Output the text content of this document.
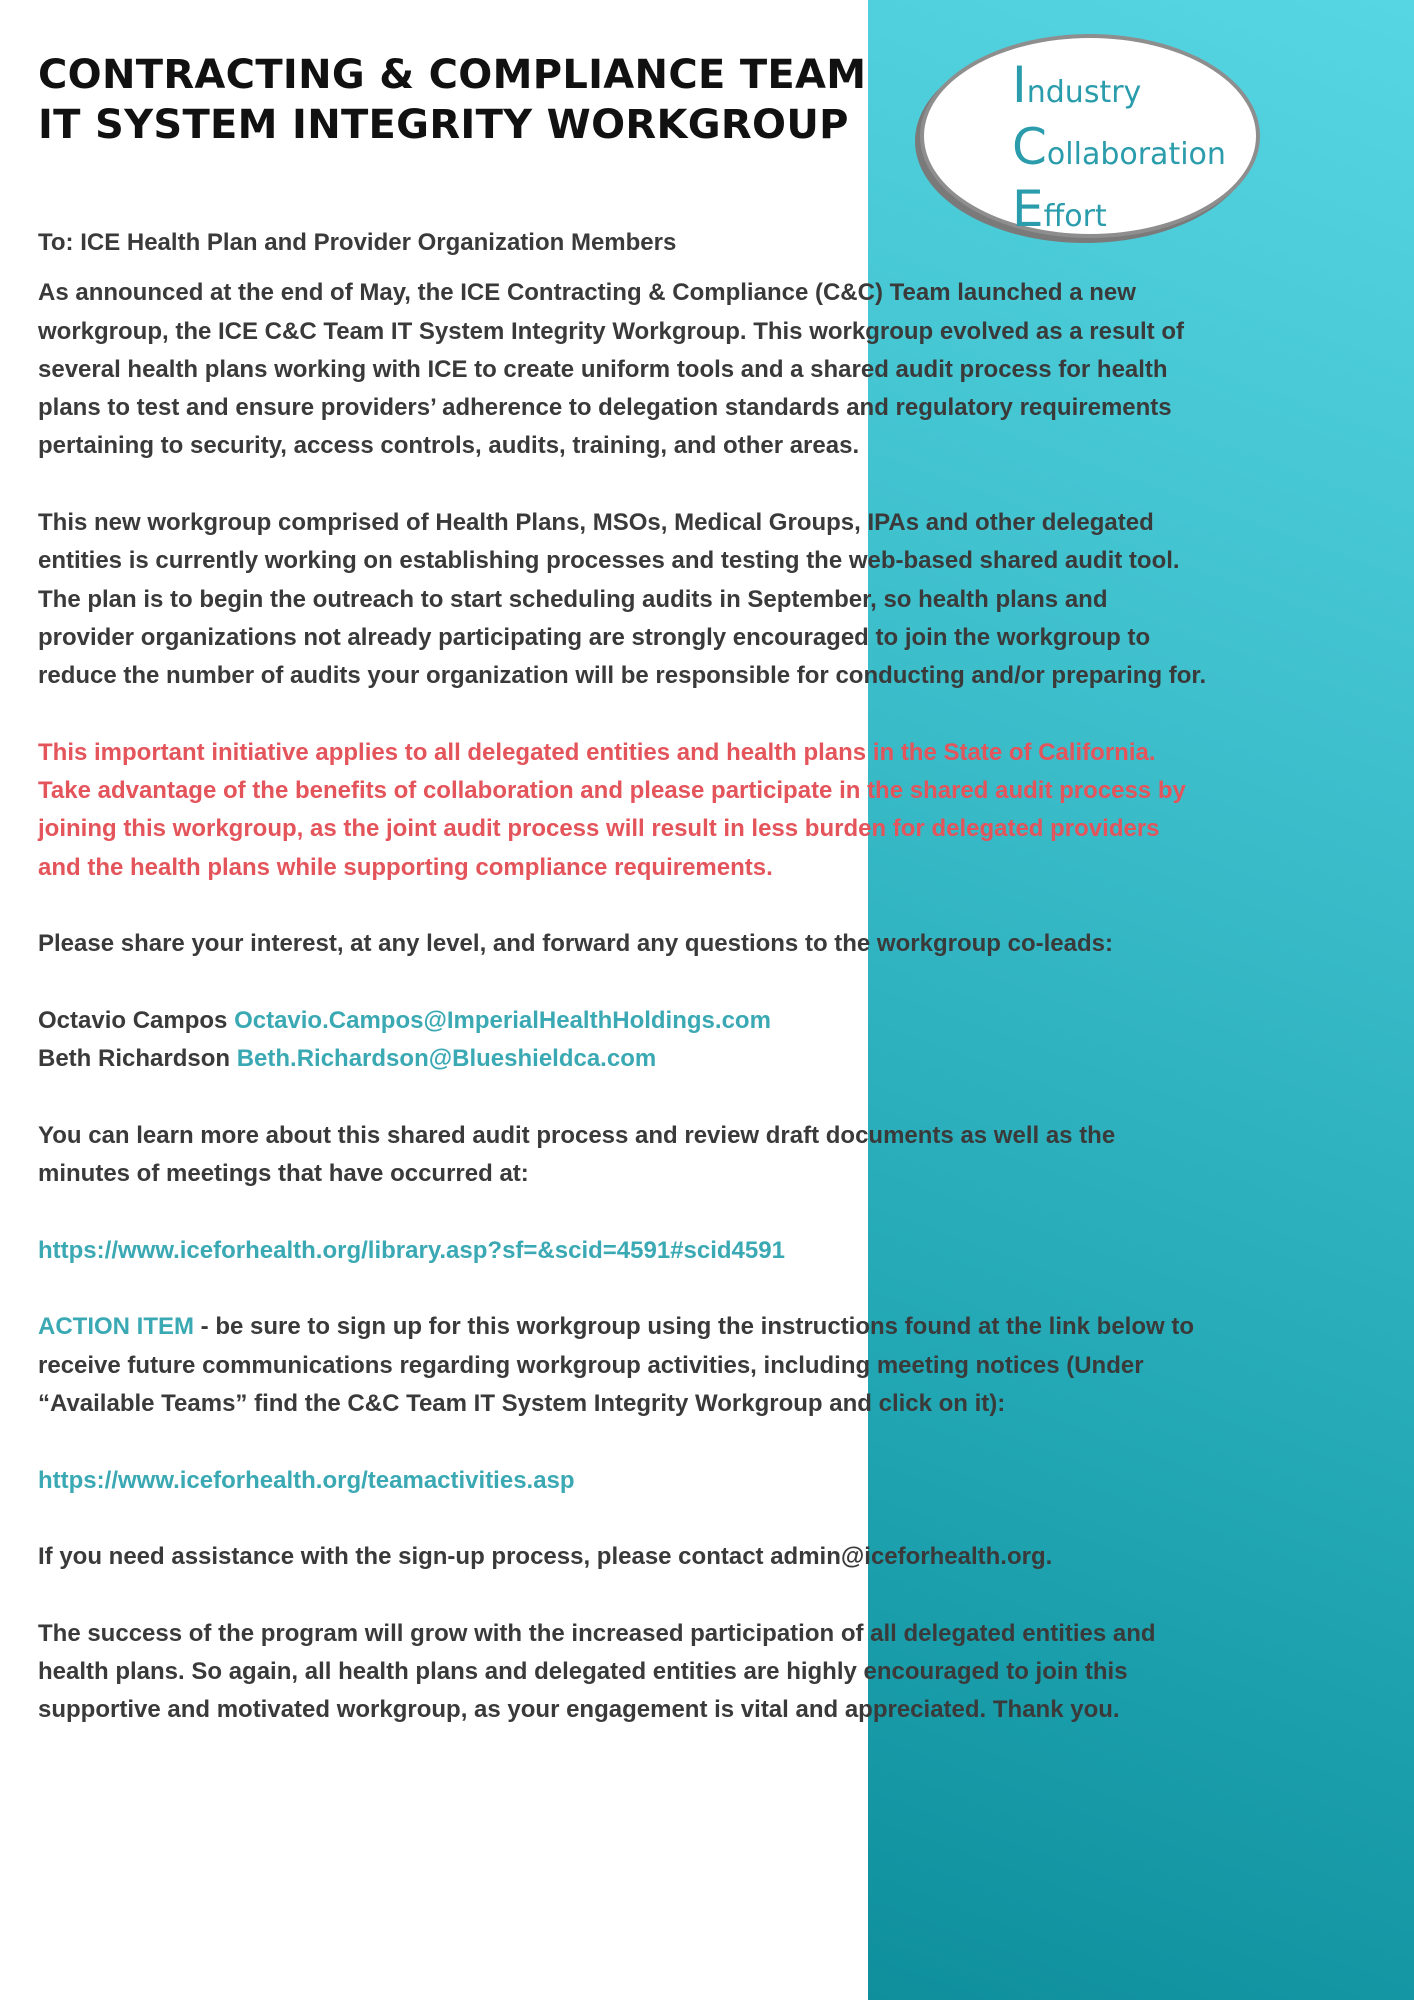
CONTRACTING & COMPLIANCE TEAM
IT SYSTEM INTEGRITY WORKGROUP
Industry
Collaboration
Effort

To: ICE Health Plan and Provider Organization Members

As announced at the end of May, the ICE Contracting & Compliance (C&C) Team launched a new workgroup, the ICE C&C Team IT System Integrity Workgroup. This workgroup evolved as a result of several health plans working with ICE to create uniform tools and a shared audit process for health plans to test and ensure providers’ adherence to delegation standards and regulatory requirements pertaining to security, access controls, audits, training, and other areas.

This new workgroup comprised of Health Plans, MSOs, Medical Groups, IPAs and other delegated entities is currently working on establishing processes and testing the web-based shared audit tool. The plan is to begin the outreach to start scheduling audits in September, so health plans and provider organizations not already participating are strongly encouraged to join the workgroup to reduce the number of audits your organization will be responsible for conducting and/or preparing for.

This important initiative applies to all delegated entities and health plans in the State of California. Take advantage of the benefits of collaboration and please participate in the shared audit process by joining this workgroup, as the joint audit process will result in less burden for delegated providers and the health plans while supporting compliance requirements.

Please share your interest, at any level, and forward any questions to the workgroup co-leads:

Octavio Campos Octavio.Campos@ImperialHealthHoldings.com
Beth Richardson Beth.Richardson@Blueshieldca.com

You can learn more about this shared audit process and review draft documents as well as the minutes of meetings that have occurred at:

https://www.iceforhealth.org/library.asp?sf=&scid=4591#scid4591

ACTION ITEM - be sure to sign up for this workgroup using the instructions found at the link below to receive future communications regarding workgroup activities, including meeting notices (Under “Available Teams” find the C&C Team IT System Integrity Workgroup and click on it):

https://www.iceforhealth.org/teamactivities.asp

If you need assistance with the sign-up process, please contact admin@iceforhealth.org.

The success of the program will grow with the increased participation of all delegated entities and health plans. So again, all health plans and delegated entities are highly encouraged to join this supportive and motivated workgroup, as your engagement is vital and appreciated. Thank you.
